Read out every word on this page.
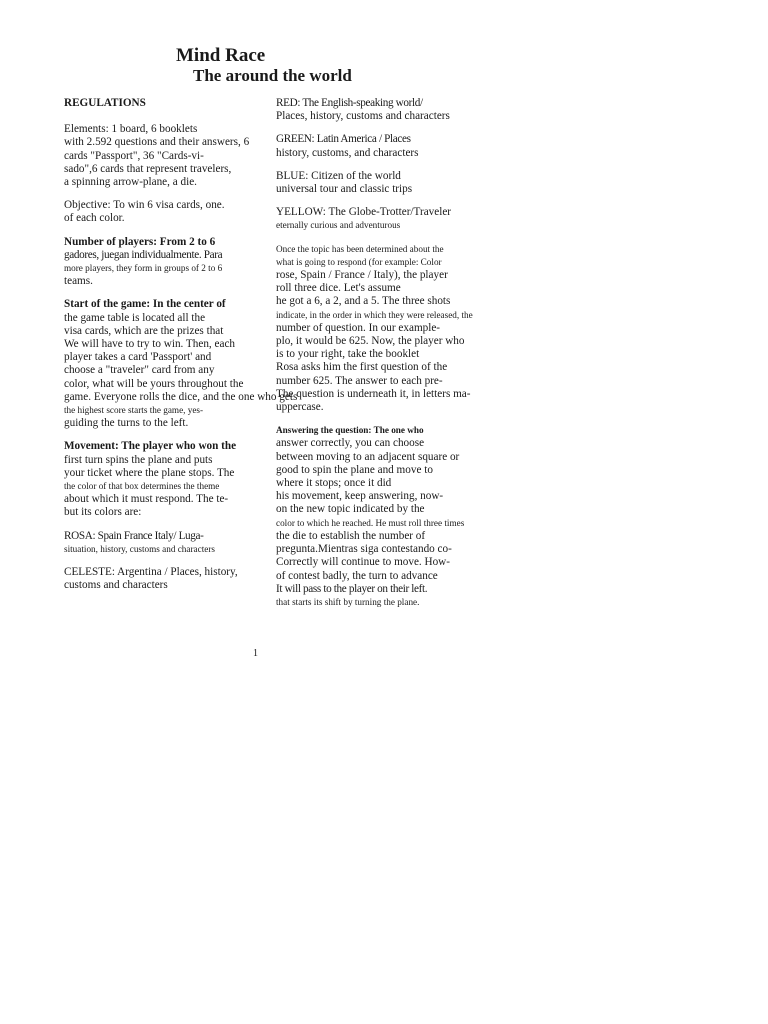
Mind Race
The around the world
REGULATIONS
Elements: 1 board, 6 booklets
with 2.592 questions and their answers, 6
cards "Passport", 36 "Cards-vi-
sado",6 cards that represent travelers,
a spinning arrow-plane, a die.
Objective: To win 6 visa cards, one.
of each color.
Number of players: From 2 to 6
gadores, juegan individualmente. Para
more players, they form in groups of 2 to 6
teams.
Start of the game: In the center of
the game table is located all the
visa cards, which are the prizes that
We will have to try to win. Then, each
player takes a card 'Passport' and
choose a "traveler" card from any
color, what will be yours throughout the
game. Everyone rolls the dice, and the one who gets
the highest score starts the game, yes-
guiding the turns to the left.
Movement: The player who won the
first turn spins the plane and puts
your ticket where the plane stops. The
the color of that box determines the theme
about which it must respond. The te-
but its colors are:
ROSA: Spain France Italy/ Luga-
situation, history, customs and characters
CELESTE: Argentina / Places, history,
customs and characters
RED: The English-speaking world/
Places, history, customs and characters
GREEN: Latin America / Places
history, customs, and characters
BLUE: Citizen of the world
universal tour and classic trips
YELLOW: The Globe-Trotter/Traveler
eternally curious and adventurous
Once the topic has been determined about the
what is going to respond (for example: Color
rose, Spain / France / Italy), the player
roll three dice. Let's assume
he got a 6, a 2, and a 5. The three shots
indicate, in the order in which they were released, the
number of question. In our example-
plo, it would be 625. Now, the player who
is to your right, take the booklet
Rosa asks him the first question of the
number 625. The answer to each pre-
The question is underneath it, in letters ma-
uppercase.
Answering the question: The one who
answer correctly, you can choose
between moving to an adjacent square or
good to spin the plane and move to
where it stops; once it did
his movement, keep answering, now-
on the new topic indicated by the
color to which he reached. He must roll three times
the die to establish the number of
pregunta.Mientras siga contestando co-
Correctly will continue to move. How-
of contest badly, the turn to advance
It will pass to the player on their left.
that starts its shift by turning the plane.
1
